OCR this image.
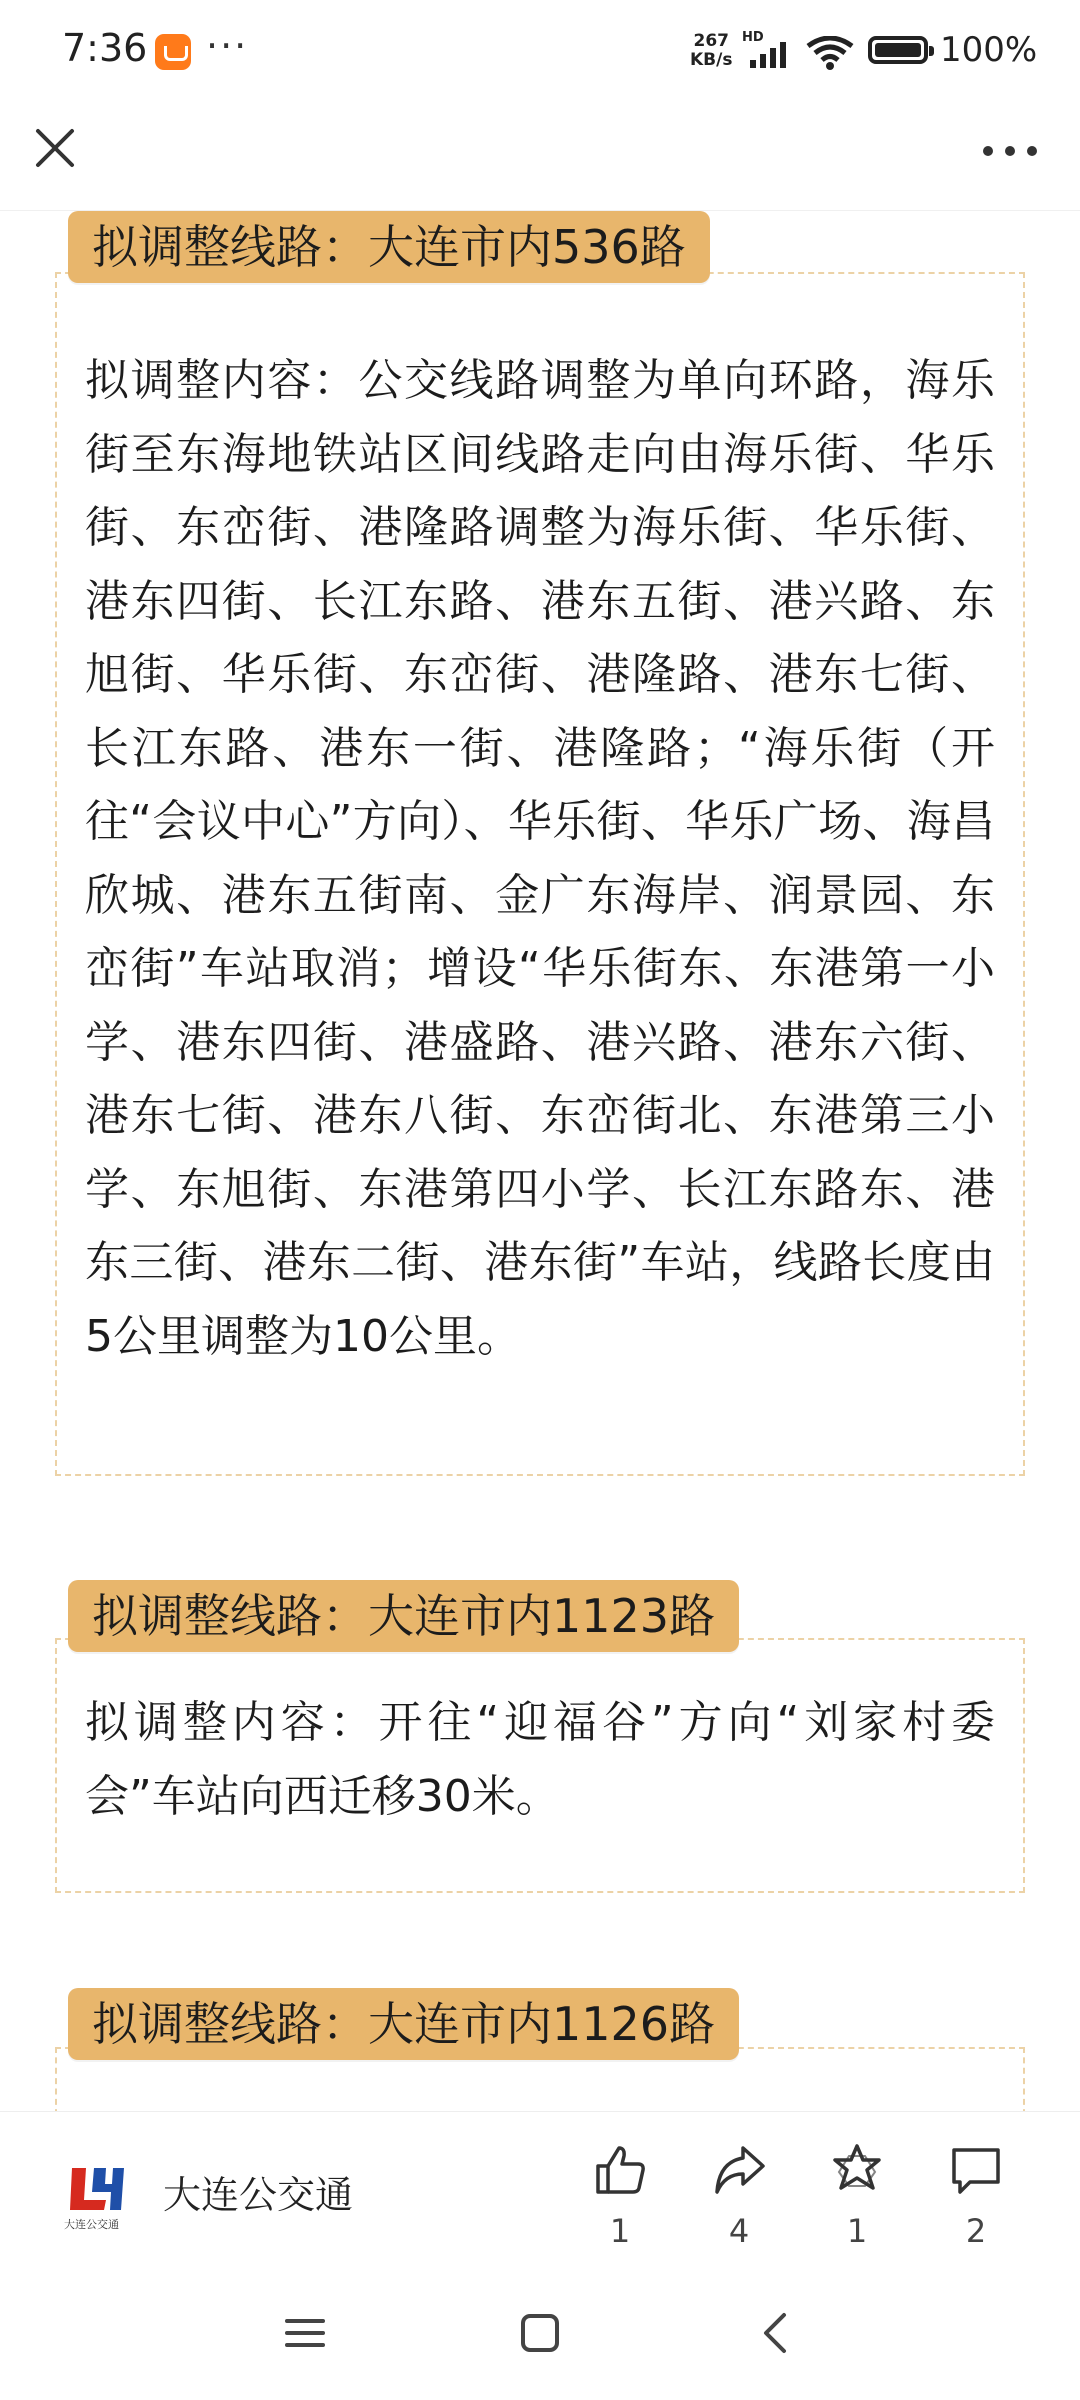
7:36 ···	267
KB/s
HD	100%
拟调整内容：公交线路调整为单向环路，海乐街至东海地铁站区间线路走向由海乐街、华乐街、东峦街、港隆路调整为海乐街、华乐街、港东四街、长江东路、港东五街、港兴路、东旭街、华乐街、东峦街、港隆路、港东七街、长江东路、港东一街、港隆路；“海乐街（开往“会议中心”方向）、华乐街、华乐广场、海昌欣城、港东五街南、金广东海岸、润景园、东峦街”车站取消；增设“华乐街东、东港第一小学、港东四街、港盛路、港兴路、港东六街、港东七街、港东八街、东峦街北、东港第三小学、东旭街、东港第四小学、长江东路东、港东三街、港东二街、港东街”车站，线路长度由5公里调整为10公里。
拟调整线路：大连市内536路
拟调整内容：开往“迎福谷”方向“刘家村委会”车站向西迁移30米。
拟调整线路：大连市内1123路
拟调整线路：大连市内1126路
大连公交通
大连公交通
1	4	1	2
